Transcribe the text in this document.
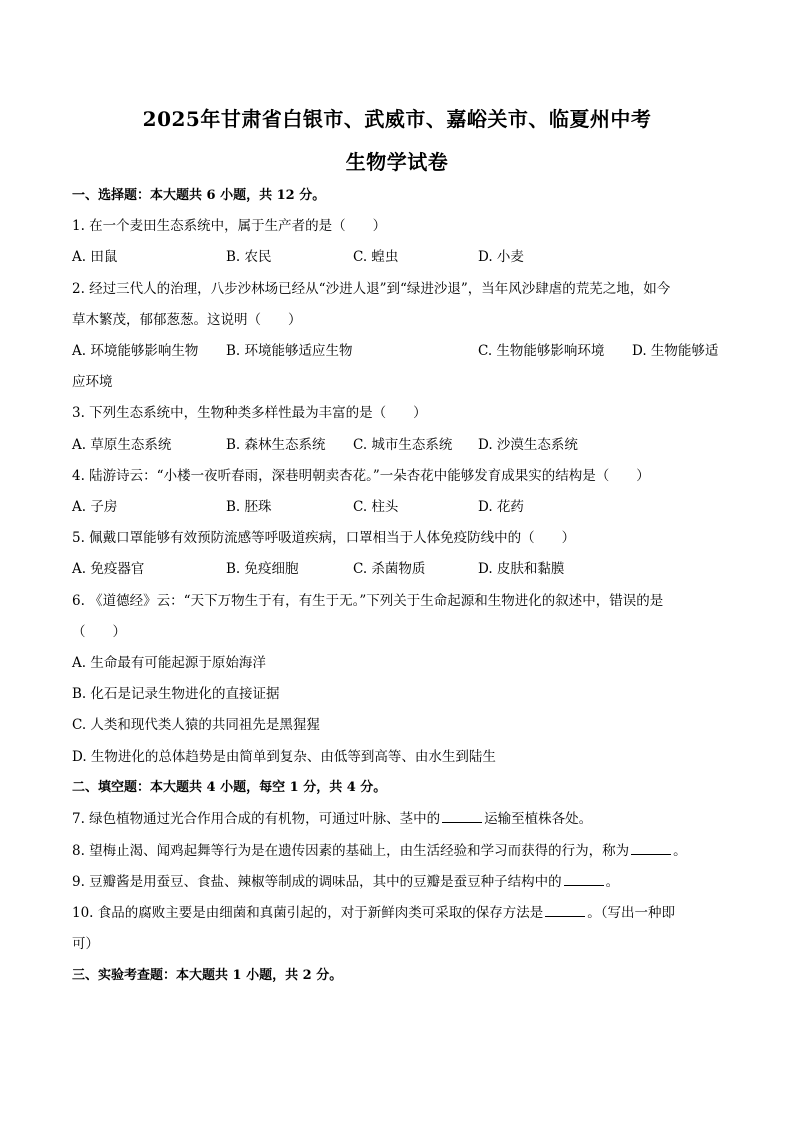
2025年甘肃省白银市、武威市、嘉峪关市、临夏州中考
生物学试卷
一、选择题：本大题共 6 小题，共 12 分。
1. 在一个麦田生态系统中，属于生产者的是（　　）
A. 田鼠	B. 农民	C. 蝗虫	D. 小麦
2. 经过三代人的治理，八步沙林场已经从“沙进人退”到“绿进沙退”，当年风沙肆虐的荒芜之地，如今
草木繁茂，郁郁葱葱。这说明（　　）
A. 环境能够影响生物 B. 环境能够适应生物	C. 生物能够影响环境 D. 生物能够适
应环境
3. 下列生态系统中，生物种类多样性最为丰富的是（　　）
A. 草原生态系统	B. 森林生态系统 C. 城市生态系统 D. 沙漠生态系统
4. 陆游诗云：“小楼一夜听春雨，深巷明朝卖杏花。”一朵杏花中能够发育成果实的结构是（　　）
A. 子房	B. 胚珠	C. 柱头	D. 花药
5. 佩戴口罩能够有效预防流感等呼吸道疾病，口罩相当于人体免疫防线中的（　　）
A. 免疫器官	B. 免疫细胞	C. 杀菌物质	D. 皮肤和黏膜
6. 《道德经》云：“天下万物生于有，有生于无。”下列关于生命起源和生物进化的叙述中，错误的是
（　　）
A. 生命最有可能起源于原始海洋
B. 化石是记录生物进化的直接证据
C. 人类和现代类人猿的共同祖先是黑猩猩
D. 生物进化的总体趋势是由简单到复杂、由低等到高等、由水生到陆生
二、填空题：本大题共 4 小题，每空 1 分，共 4 分。
7. 绿色植物通过光合作用合成的有机物，可通过叶脉、茎中的	运输至植株各处。
8. 望梅止渴、闻鸡起舞等行为是在遗传因素的基础上，由生活经验和学习而获得的行为，称为	。
9. 豆瓣酱是用蚕豆、食盐、辣椒等制成的调味品，其中的豆瓣是蚕豆种子结构中的	。
10. 食品的腐败主要是由细菌和真菌引起的，对于新鲜肉类可采取的保存方法是	。（写出一种即
可）
三、实验考查题：本大题共 1 小题，共 2 分。
